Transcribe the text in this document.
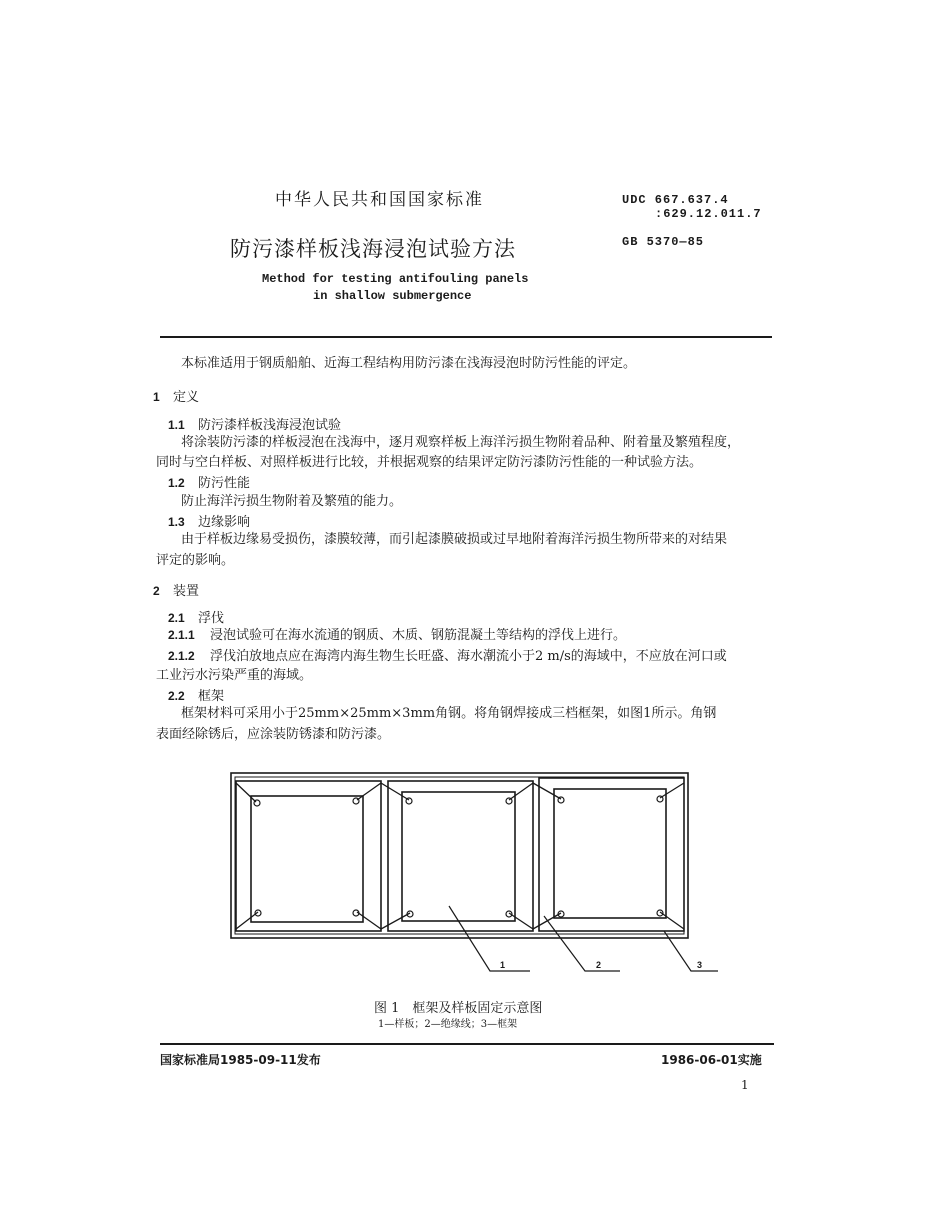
中华人民共和国国家标准	UDC 667.637.4
:629.12.011.7
GB 5370—85
防污漆样板浅海浸泡试验方法
Method for testing antifouling panels
in shallow submergence
本标准适用于钢质船舶、近海工程结构用防污漆在浅海浸泡时防污性能的评定。
1 定义
1.1 防污漆样板浅海浸泡试验
将涂装防污漆的样板浸泡在浅海中，逐月观察样板上海洋污损生物附着品种、附着量及繁殖程度，
同时与空白样板、对照样板进行比较，并根据观察的结果评定防污漆防污性能的一种试验方法。
1.2 防污性能
防止海洋污损生物附着及繁殖的能力。
1.3 边缘影响
由于样板边缘易受损伤，漆膜较薄，而引起漆膜破损或过早地附着海洋污损生物所带来的对结果
评定的影响。
2 装置
2.1 浮伐
2.1.1 浸泡试验可在海水流通的钢质、木质、钢筋混凝土等结构的浮伐上进行。
2.1.2 浮伐泊放地点应在海湾内海生物生长旺盛、海水潮流小于2 m/s的海域中，不应放在河口或
工业污水污染严重的海域。
2.2 框架
框架材料可采用小于25mm×25mm×3mm角钢。将角钢焊接成三档框架，如图1所示。角钢
表面经除锈后，应涂装防锈漆和防污漆。
1	2	3
图 1　框架及样板固定示意图
1—样板；2—绝缘线；3—框架
国家标准局1985-09-11发布	1986-06-01实施
1
